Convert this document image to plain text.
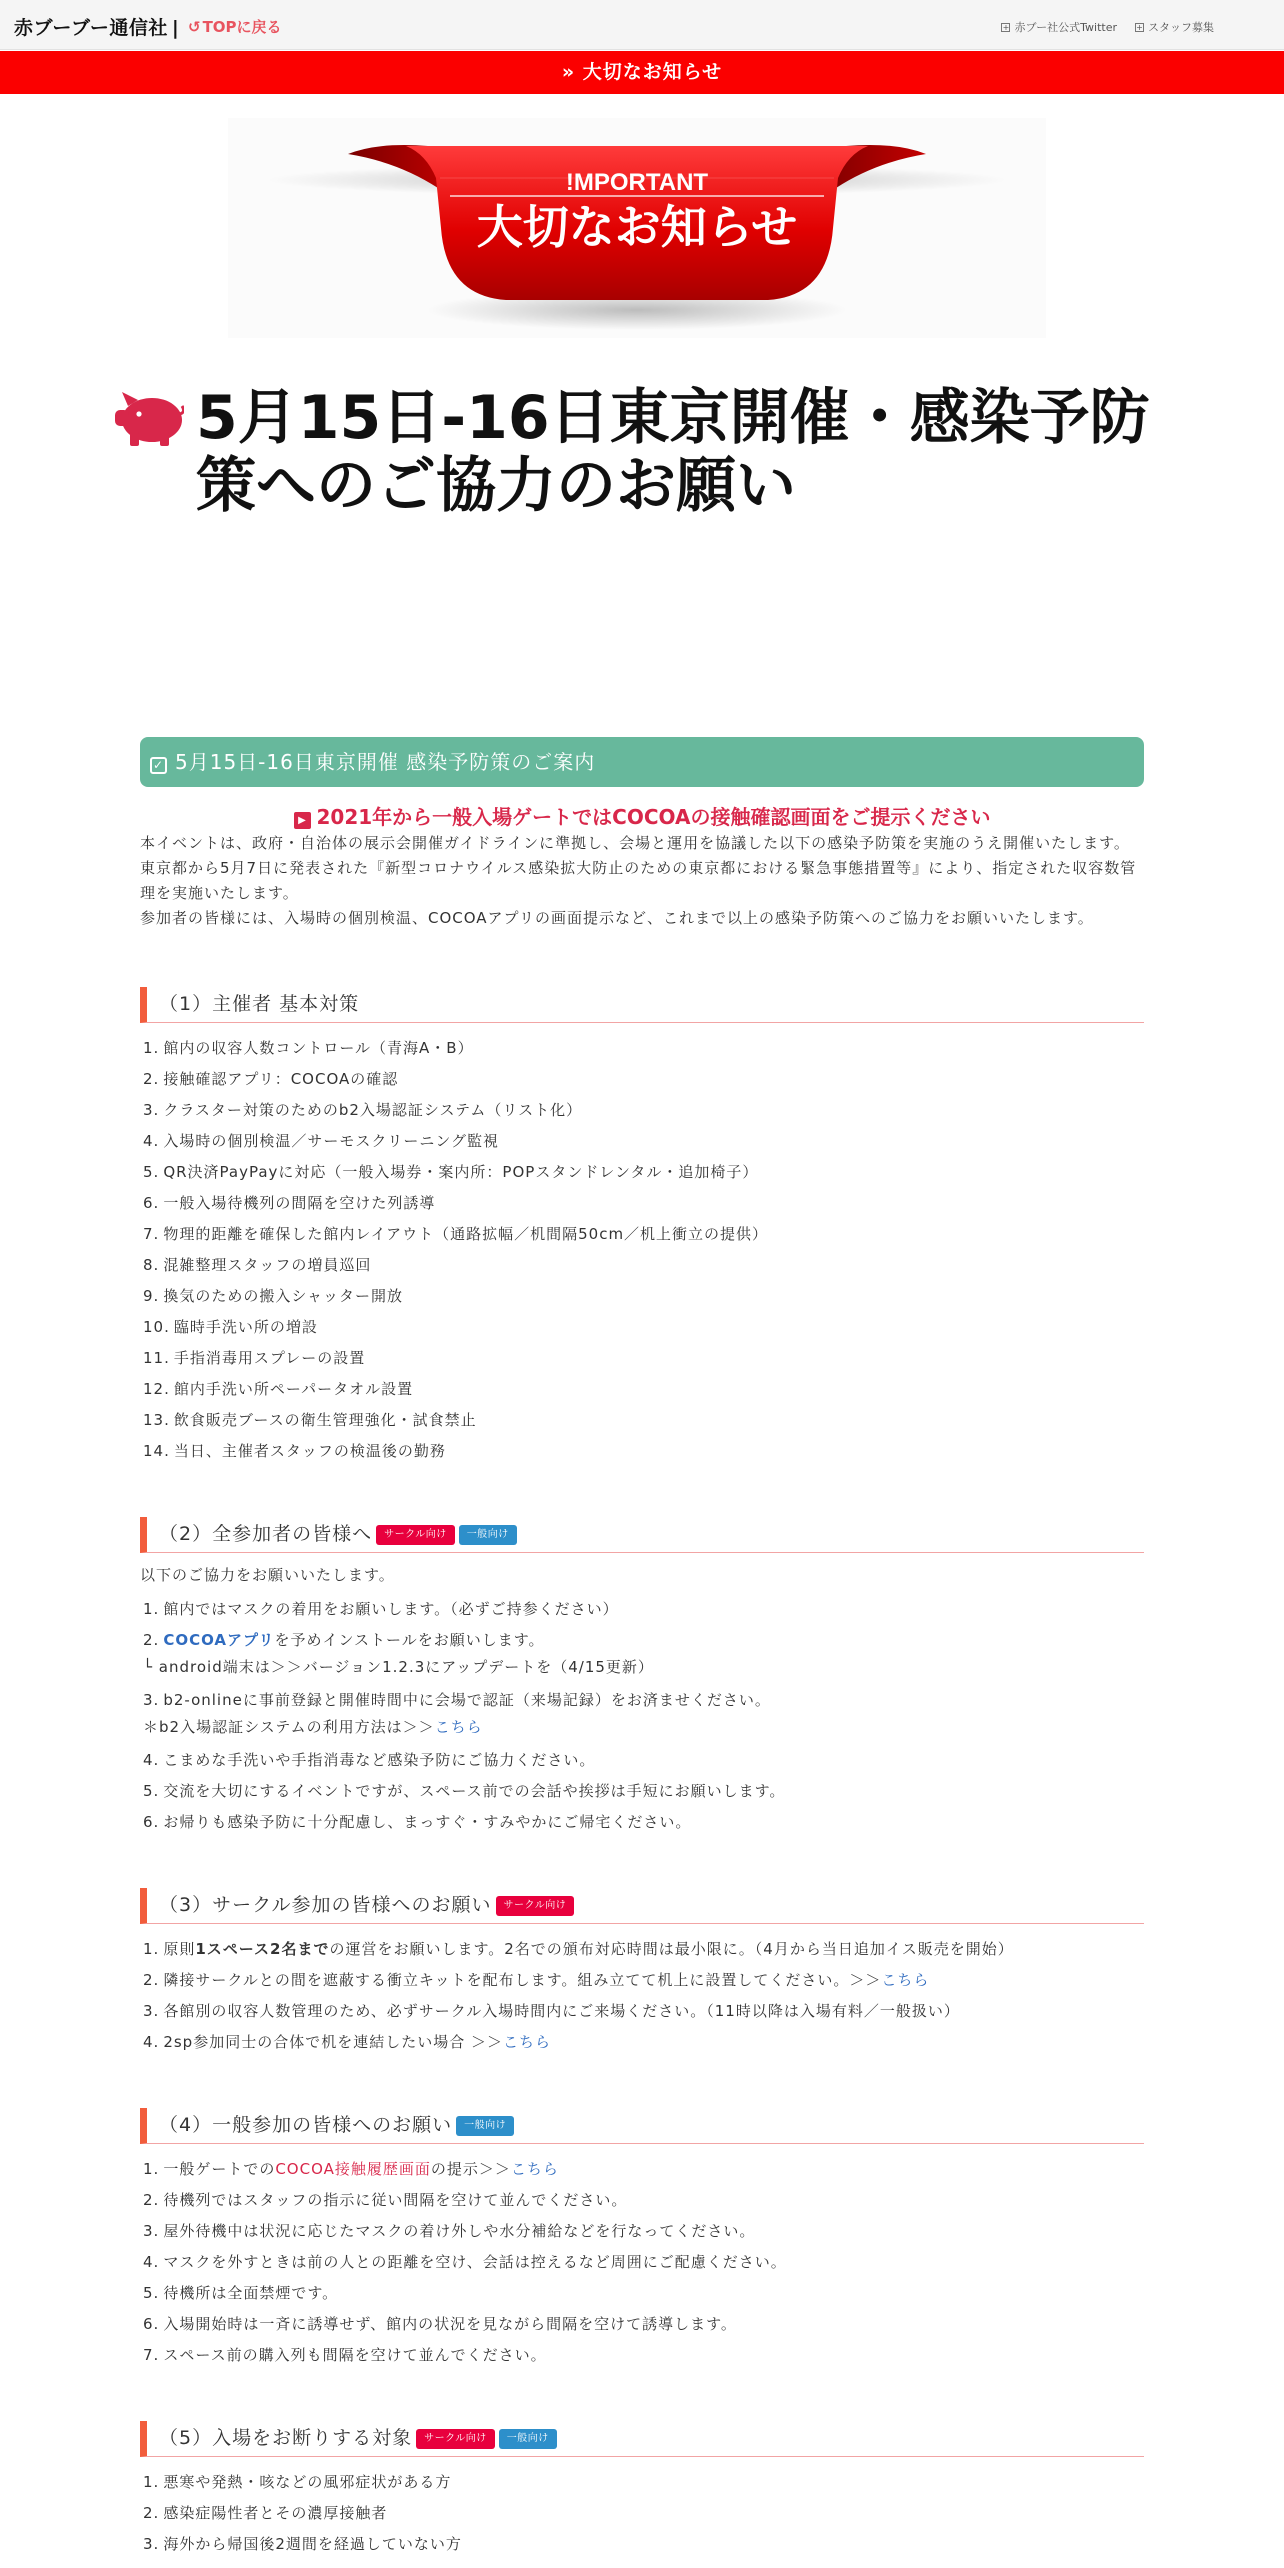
赤ブーブー通信社 | ↺ TOPに戻る	+ 赤ブー社公式Twitter + スタッフ募集
» 大切なお知らせ
!MPORTANT
大切なお知らせ
5月15日-16日東京開催・感染予防策へのご協力のお願い
✓ 5月15日-16日東京開催 感染予防策のご案内
▶ 2021年から一般入場ゲートではCOCOAの接触確認画面をご提示ください

本イベントは、政府・自治体の展示会開催ガイドラインに準拠し、会場と運用を協議した以下の感染予防策を実施のうえ開催いたします。

東京都から5月7日に発表された『新型コロナウイルス感染拡大防止のための東京都における緊急事態措置等』により、指定された収容数管理を実施いたします。

参加者の皆様には、入場時の個別検温、COCOAアプリの画面提示など、これまで以上の感染予防策へのご協力をお願いいたします。

（1）主催者 基本対策
1. 館内の収容人数コントロール（青海A・B）
2. 接触確認アプリ：COCOAの確認
3. クラスター対策のためのb2入場認証システム（リスト化）
4. 入場時の個別検温／サーモスクリーニング監視
5. QR決済PayPayに対応（一般入場券・案内所：POPスタンドレンタル・追加椅子）
6. 一般入場待機列の間隔を空けた列誘導
7. 物理的距離を確保した館内レイアウト（通路拡幅／机間隔50cm／机上衝立の提供）
8. 混雑整理スタッフの増員巡回
9. 換気のための搬入シャッター開放
10. 臨時手洗い所の増設
11. 手指消毒用スプレーの設置
12. 館内手洗い所ペーパータオル設置
13. 飲食販売ブースの衛生管理強化・試食禁止
14. 当日、主催者スタッフの検温後の勤務
（2）全参加者の皆様へ サークル向け 一般向け

以下のご協力をお願いいたします。

1. 館内ではマスクの着用をお願いします。（必ずご持参ください）
2. COCOAアプリを予めインストールをお願いします。
└ android端末は＞＞バージョン1.2.3にアップデートを（4/15更新）
3. b2-onlineに事前登録と開催時間中に会場で認証（来場記録）をお済ませください。
＊b2入場認証システムの利用方法は＞＞こちら
4. こまめな手洗いや手指消毒など感染予防にご協力ください。
5. 交流を大切にするイベントですが、スペース前での会話や挨拶は手短にお願いします。
6. お帰りも感染予防に十分配慮し、まっすぐ・すみやかにご帰宅ください。
（3）サークル参加の皆様へのお願い サークル向け
1. 原則1スペース2名までの運営をお願いします。2名での頒布対応時間は最小限に。（4月から当日追加イス販売を開始）
2. 隣接サークルとの間を遮蔽する衝立キットを配布します。組み立てて机上に設置してください。＞＞こちら
3. 各館別の収容人数管理のため、必ずサークル入場時間内にご来場ください。（11時以降は入場有料／一般扱い）
4. 2sp参加同士の合体で机を連結したい場合 ＞＞こちら
（4）一般参加の皆様へのお願い 一般向け
1. 一般ゲートでのCOCOA接触履歴画面の提示＞＞こちら
2. 待機列ではスタッフの指示に従い間隔を空けて並んでください。
3. 屋外待機中は状況に応じたマスクの着け外しや水分補給などを行なってください。
4. マスクを外すときは前の人との距離を空け、会話は控えるなど周囲にご配慮ください。
5. 待機所は全面禁煙です。
6. 入場開始時は一斉に誘導せず、館内の状況を見ながら間隔を空けて誘導します。
7. スペース前の購入列も間隔を空けて並んでください。
（5）入場をお断りする対象 サークル向け 一般向け
1. 悪寒や発熱・咳などの風邪症状がある方
2. 感染症陽性者とその濃厚接触者
3. 海外から帰国後2週間を経過していない方
